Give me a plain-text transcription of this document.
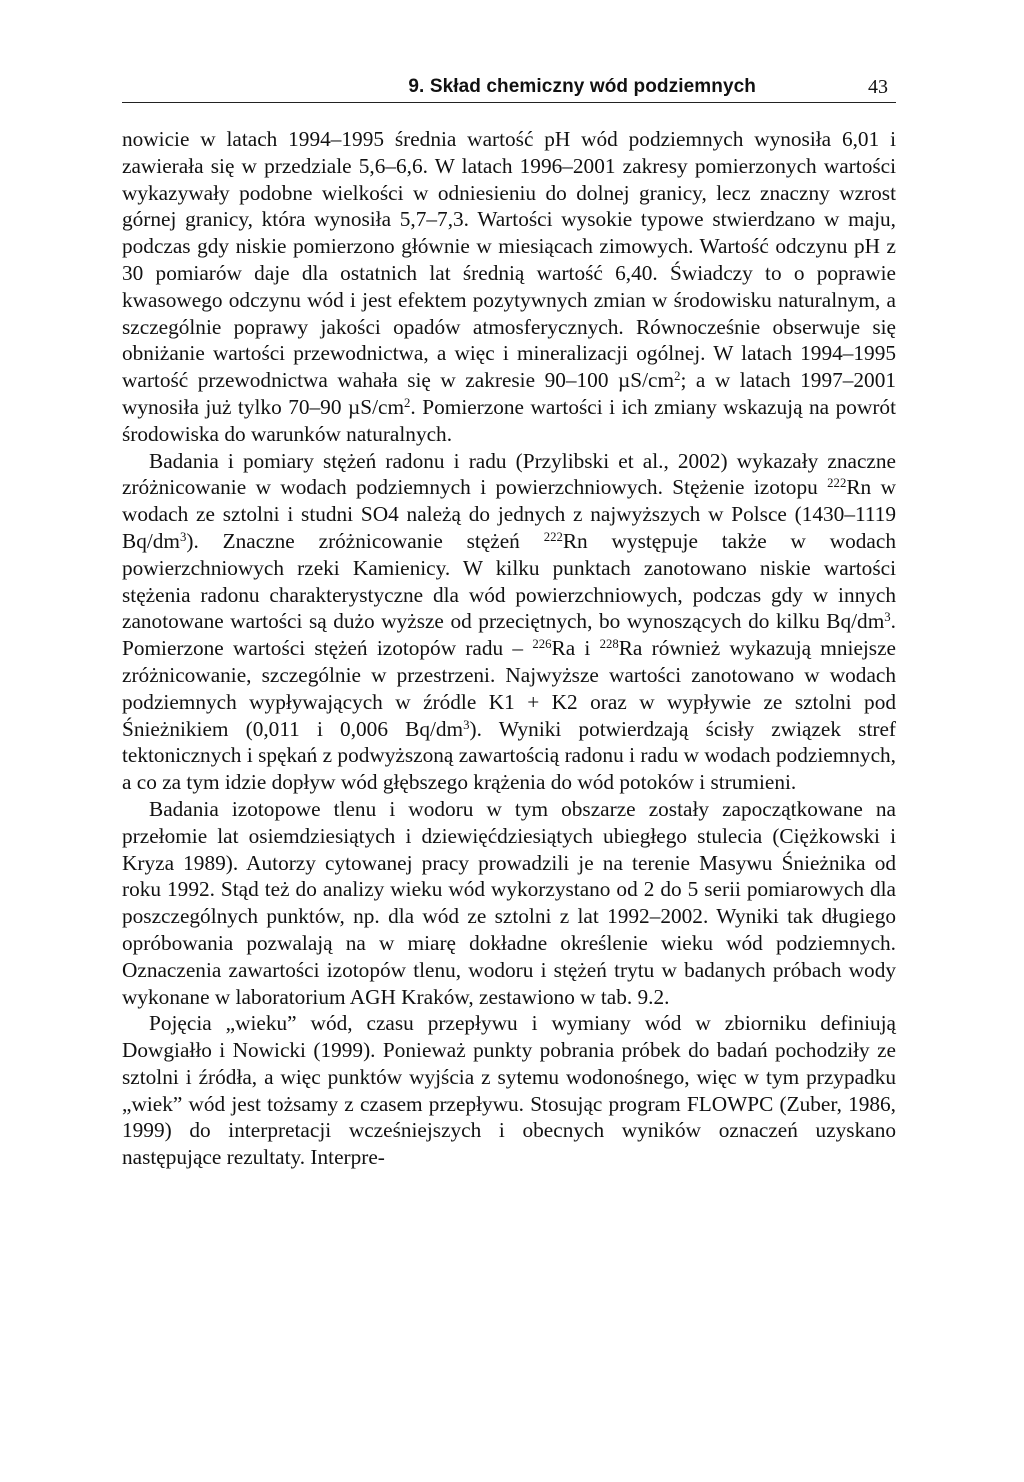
9. Skład chemiczny wód podziemnych	43

nowicie w latach 1994–1995 średnia wartość pH wód podziemnych wynosiła 6,01 i zawierała się w przedziale 5,6–6,6. W latach 1996–2001 zakresy pomierzonych wartości wykazywały podobne wielkości w odniesieniu do dolnej granicy, lecz znaczny wzrost górnej granicy, która wynosiła 5,7–7,3. Wartości wysokie typowe stwierdzano w maju, podczas gdy niskie pomierzono głównie w miesiącach zimowych. Wartość odczynu pH z 30 pomiarów daje dla ostatnich lat średnią wartość 6,40. Świadczy to o poprawie kwasowego odczynu wód i jest efektem pozytywnych zmian w środowisku naturalnym, a szczególnie poprawy jakości opadów atmosferycznych. Równocześnie obserwuje się obniżanie wartości przewodnictwa, a więc i mineralizacji ogólnej. W latach 1994–1995 wartość przewodnictwa wahała się w zakresie 90–100 $\mu S/cm^2$; a w latach 1997–2001 wynosiła już tylko 70–90 $\mu S/cm^2$. Pomierzone wartości i ich zmiany wskazują na powrót środowiska do warunków naturalnych.

Badania i pomiary stężeń radonu i radu (Przylibski et al., 2002) wykazały znaczne zróżnicowanie w wodach podziemnych i powierzchniowych. Stężenie izotopu $^{222}$Rn w wodach ze sztolni i studni SO4 należą do jednych z najwyższych w Polsce (1430–1119 $Bq/dm^3$). Znaczne zróżnicowanie stężeń $^{222}$Rn występuje także w wodach powierzchniowych rzeki Kamienicy. W kilku punktach zanotowano niskie wartości stężenia radonu charakterystyczne dla wód powierzchniowych, podczas gdy w innych zanotowane wartości są dużo wyższe od przeciętnych, bo wynoszących do kilku $Bq/dm^3$. Pomierzone wartości stężeń izotopów radu – $^{226}$Ra i $^{228}$Ra również wykazują mniejsze zróżnicowanie, szczególnie w przestrzeni. Najwyższe wartości zanotowano w wodach podziemnych wypływających w źródle K1 + K2 oraz w wypływie ze sztolni pod Śnieżnikiem (0,011 i 0,006 $Bq/dm^3$). Wyniki potwierdzają ścisły związek stref tektonicznych i spękań z podwyższoną zawartością radonu i radu w wodach podziemnych, a co za tym idzie dopływ wód głębszego krążenia do wód potoków i strumieni.

Badania izotopowe tlenu i wodoru w tym obszarze zostały zapoczątkowane na przełomie lat osiemdziesiątych i dziewięćdziesiątych ubiegłego stulecia (Ciężkowski i Kryza 1989). Autorzy cytowanej pracy prowadzili je na terenie Masywu Śnieżnika od roku 1992. Stąd też do analizy wieku wód wykorzystano od 2 do 5 serii pomiarowych dla poszczególnych punktów, np. dla wód ze sztolni z lat 1992–2002. Wyniki tak długiego opróbowania pozwalają na w miarę dokładne określenie wieku wód podziemnych. Oznaczenia zawartości izotopów tlenu, wodoru i stężeń trytu w badanych próbach wody wykonane w laboratorium AGH Kraków, zestawiono w tab. 9.2.

Pojęcia „wieku” wód, czasu przepływu i wymiany wód w zbiorniku definiują Dowgiałło i Nowicki (1999). Ponieważ punkty pobrania próbek do badań pochodziły ze sztolni i źródła, a więc punktów wyjścia z sytemu wodonośnego, więc w tym przypadku „wiek” wód jest tożsamy z czasem przepływu. Stosując program FLOWPC (Zuber, 1986, 1999) do interpretacji wcześniejszych i obecnych wyników oznaczeń uzyskano następujące rezultaty. Interpre-
